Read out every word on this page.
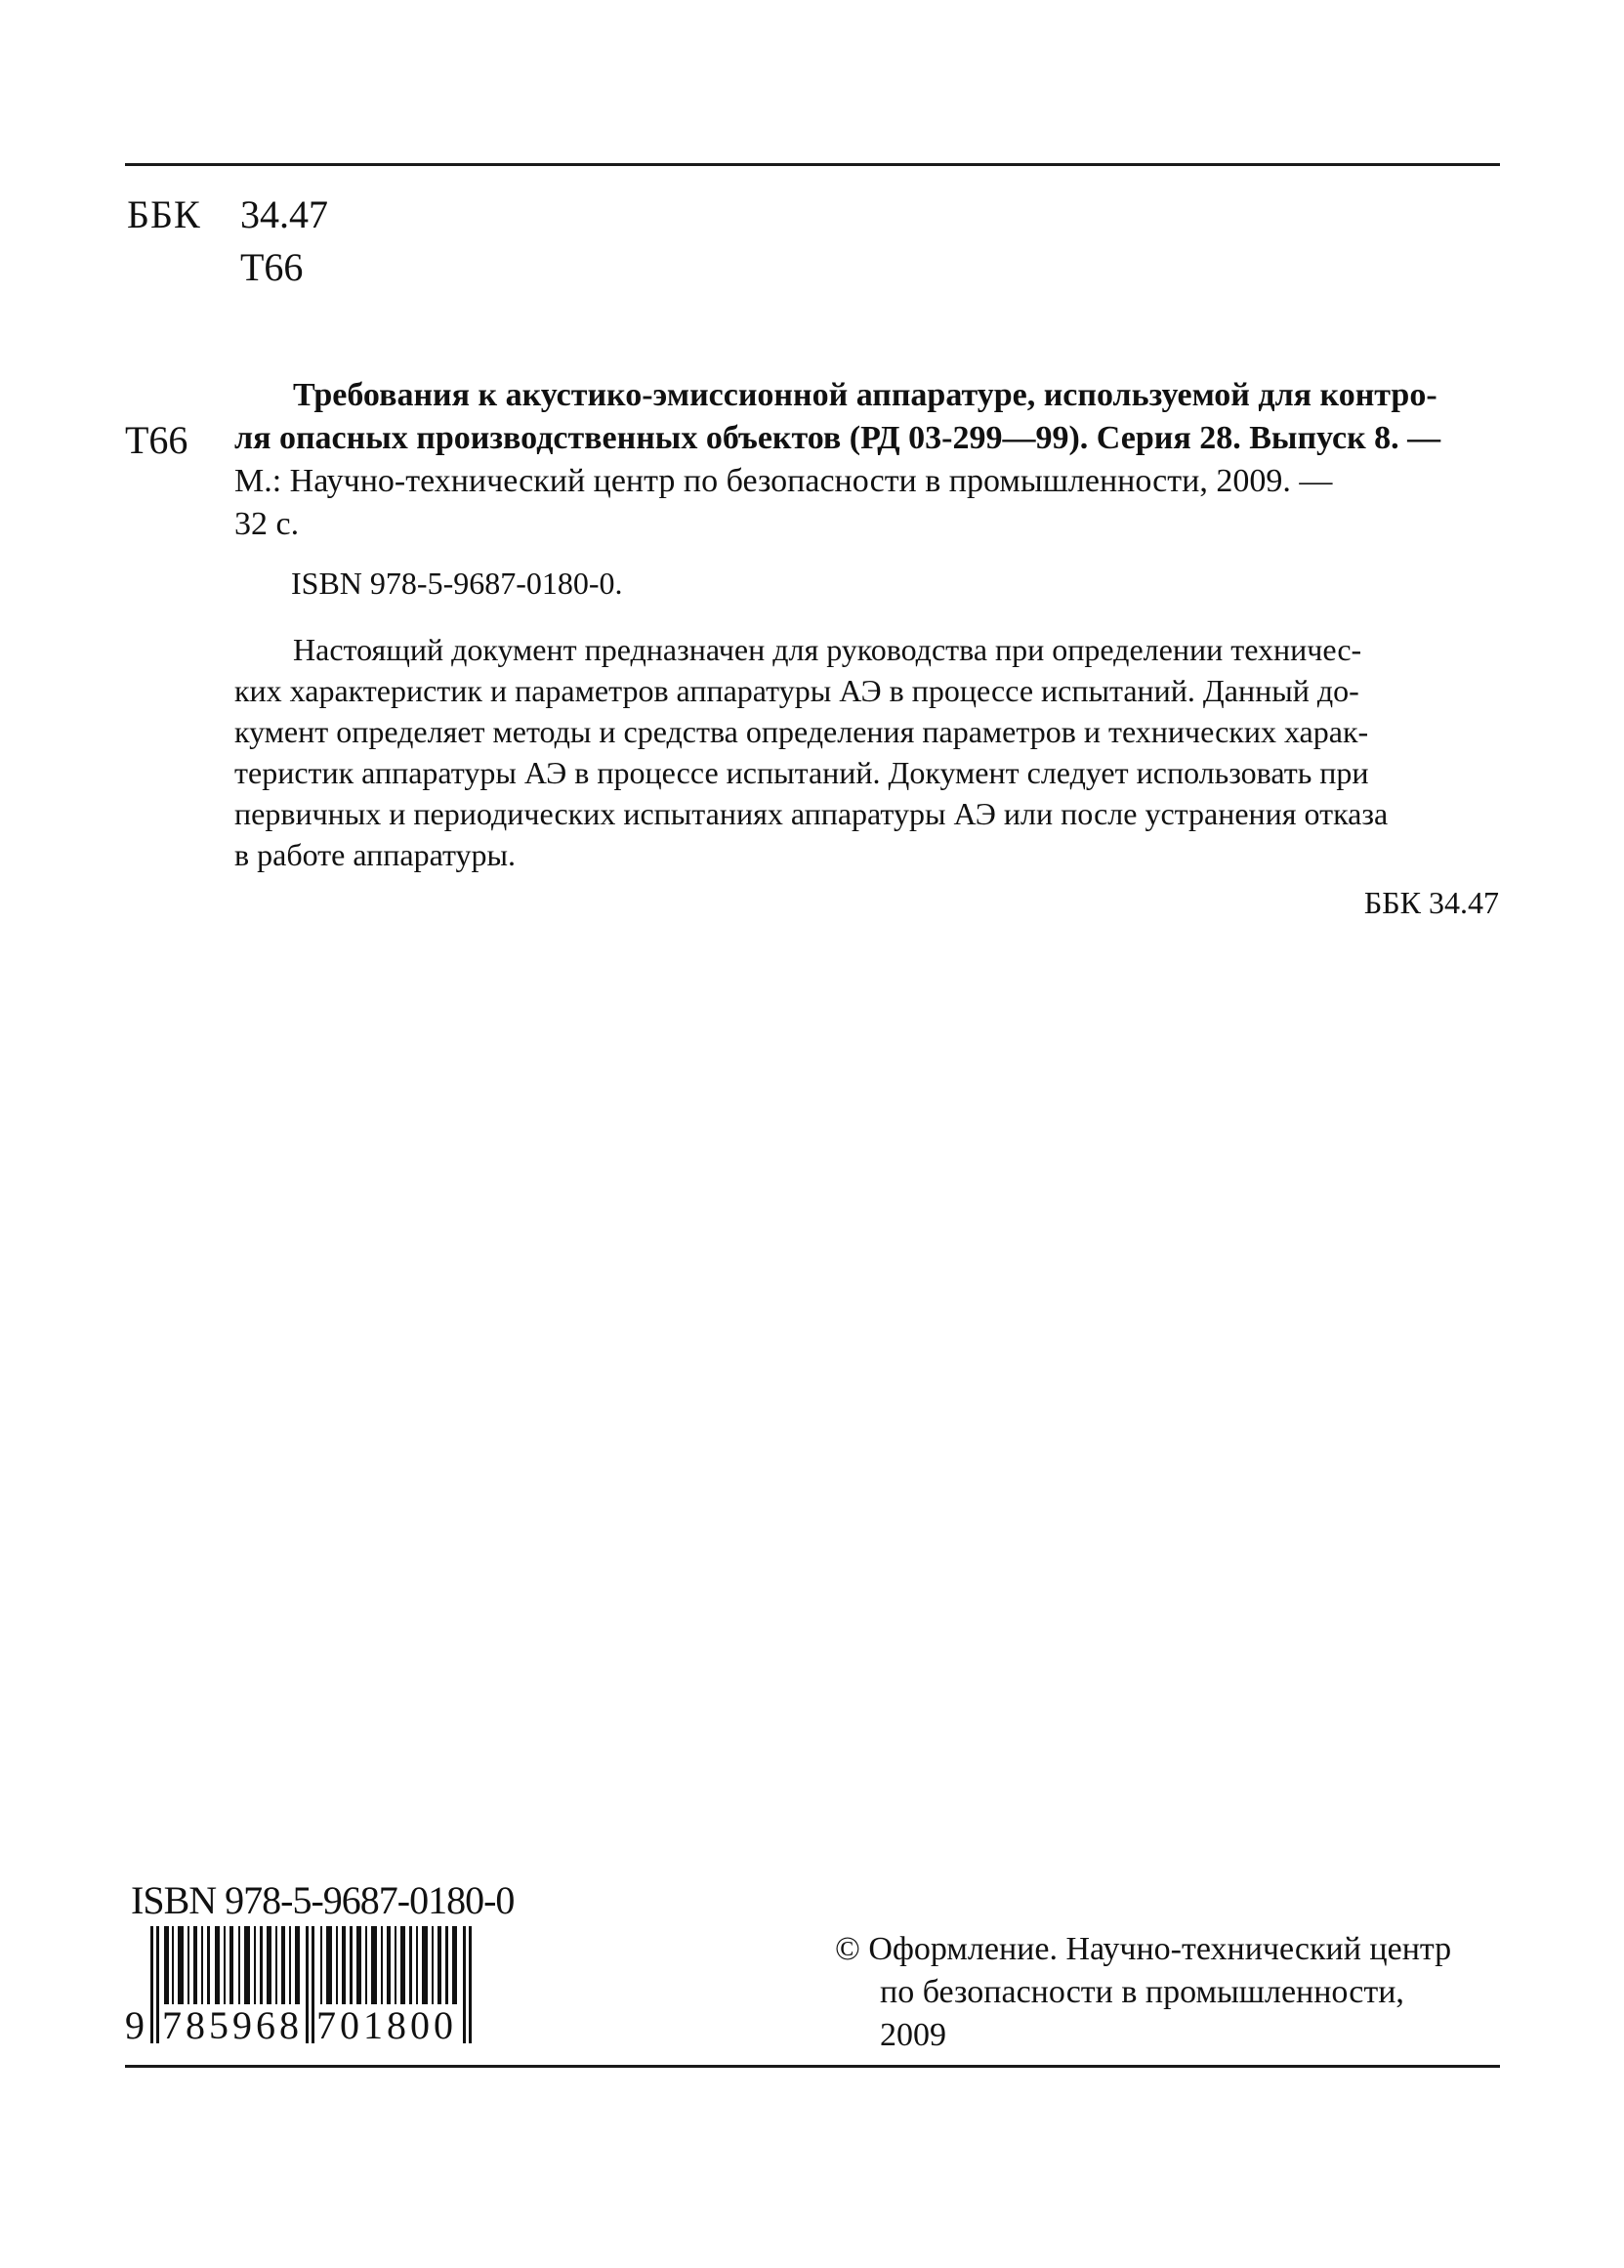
ББК 34.47
Т66
Т66
Требования к акустико-эмиссионной аппаратуре, используемой для контро-
ля опасных производственных объектов (РД 03-299—99). Серия 28. Выпуск 8. —
М.: Научно-технический центр по безопасности в промышленности, 2009. —
32 с.
ISBN 978-5-9687-0180-0.
Настоящий документ предназначен для руководства при определении техничес-
ких характеристик и параметров аппаратуры АЭ в процессе испытаний. Данный до-
кумент определяет методы и средства определения параметров и технических харак-
теристик аппаратуры АЭ в процессе испытаний. Документ следует использовать при
первичных и периодических испытаниях аппаратуры АЭ или после устранения отказа
в работе аппаратуры.
ББК 34.47
ISBN 978-5-9687-0180-0
9 785968 701800
© Оформление. Научно-технический центр
по безопасности в промышленности,
2009
